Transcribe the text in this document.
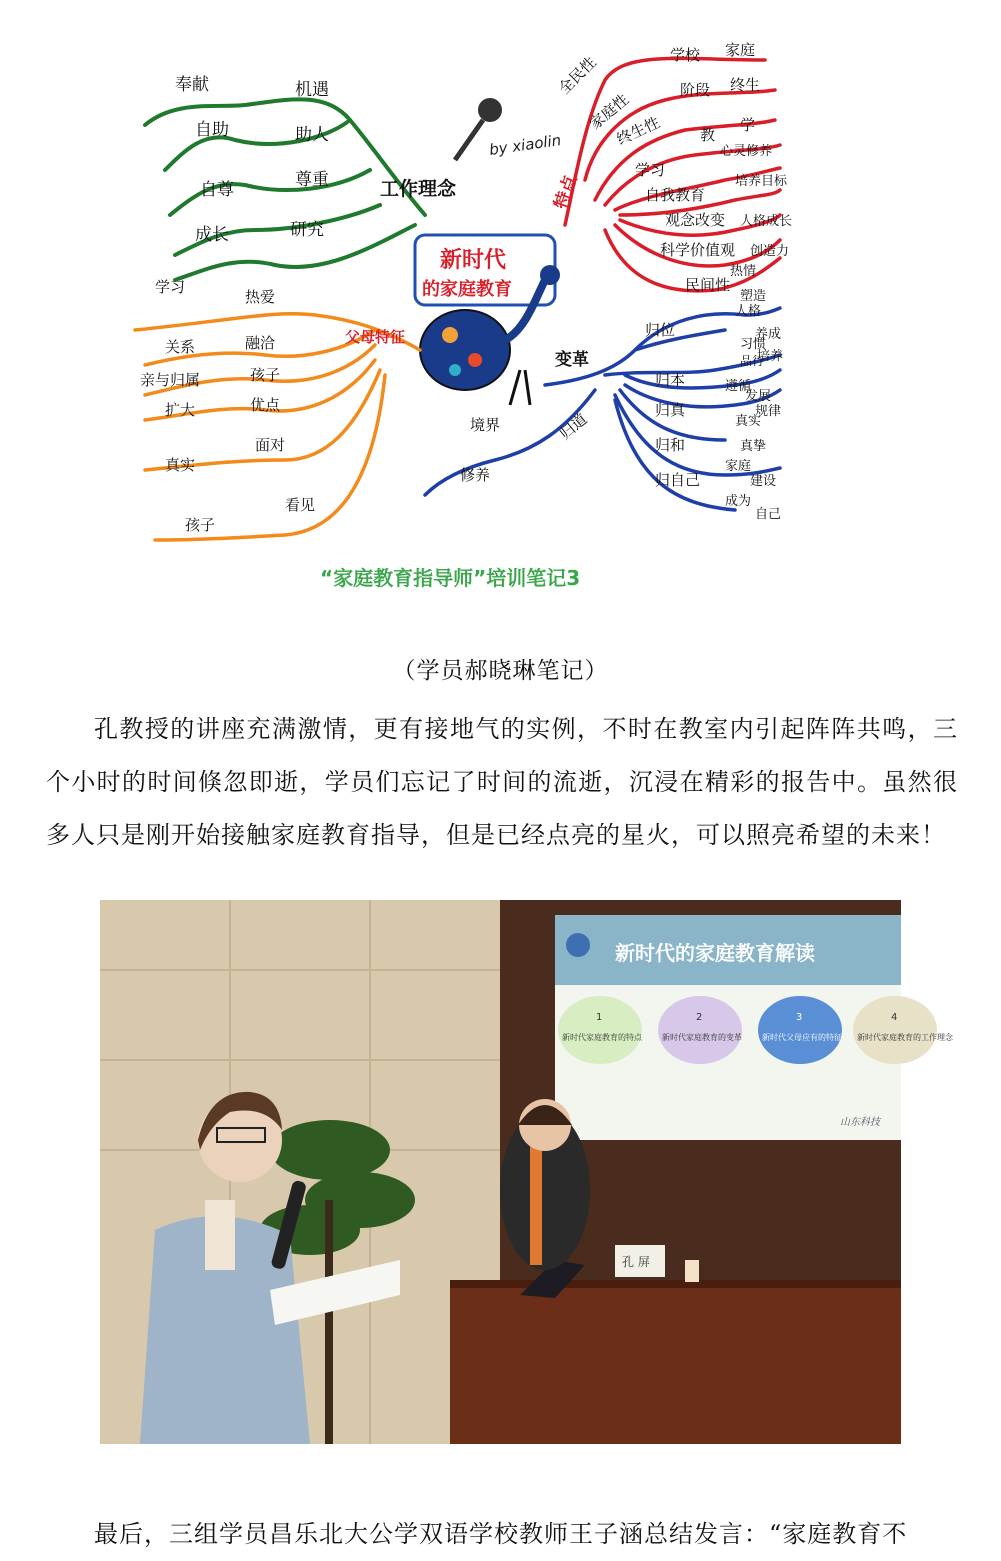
工作理念
奉献	机遇
自助	助人
自尊	尊重
成长	研究
by xiaolin
特点
全民性	学校 家庭
家庭性
阶段 终生
终生性
学习
教
学
自我教育
心灵修养
观念改变
培养目标
科学价值观
人格成长
民间性
热情
创造力
新时代
的家庭教育
父母特征
学习
热爱
关系	融洽
亲与归属	孩子
扩大	优点
真实
面对
孩子
看见
变革
归位
人格
塑造
习惯
养成
品行
培养
归本	遵循
发展
规律
归真
真实
归和	真挚
家庭
建设
归自己
成为
自己
归道
境界
修养
“家庭教育指导师”培训笔记3
（学员郝晓琳笔记）

孔教授的讲座充满激情，更有接地气的实例，不时在教室内引起阵阵共鸣，三个小时的时间倏忽即逝，学员们忘记了时间的流逝，沉浸在精彩的报告中。虽然很多人只是刚开始接触家庭教育指导，但是已经点亮的星火，可以照亮希望的未来！

新时代的家庭教育解读
1
新时代家庭教育的特点
2
新时代家庭教育的变革
3
新时代父母应有的特征
4
新时代家庭教育的工作理念
山东科技
孔 屏

最后，三组学员昌乐北大公学双语学校教师王子涵总结发言：“家庭教育不
